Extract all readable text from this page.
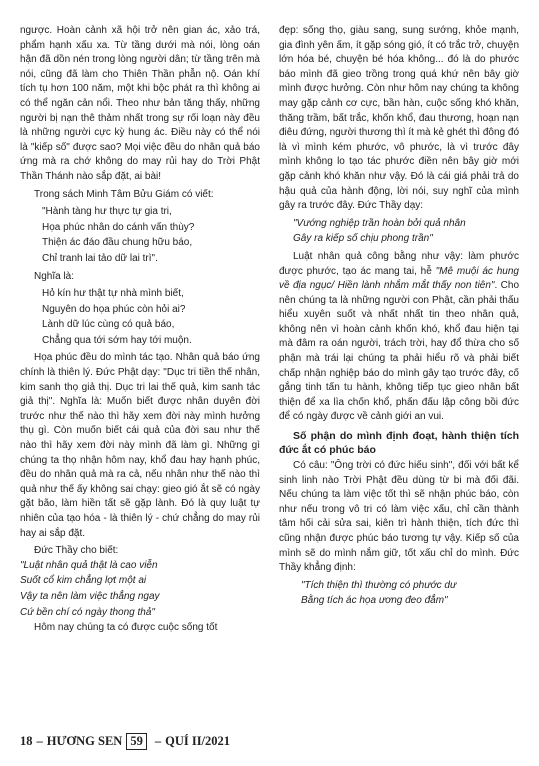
ngược. Hoàn cảnh xã hội trở nên gian ác, xảo trá, phẩm hạnh xấu xa. Từ tầng dưới mà nói, lòng oán hận đã dồn nén trong lòng người dân; từ tầng trên mà nói, cũng đã làm cho Thiên Thần phẫn nộ. Oán khí tích tụ hơn 100 năm, một khi bộc phát ra thì không ai có thể ngăn cản nổi. Theo như bản tăng thấy, những người bị nạn thê thảm nhất trong sự rối loạn này đều là những người cực kỳ hung ác. Điều này có thể nói là "kiếp số" được sao? Mọi việc đều do nhân quả báo ứng mà ra chớ không do may rủi hay do Trời Phật Thần Thánh nào sắp đặt, ai bài!

Trong sách Minh Tâm Bửu Giám có viết:

"Hành tàng hư thực tự gia tri,
Họa phúc nhân do cánh vấn thùy?
Thiện ác đáo đầu chung hữu báo,
Chỉ tranh lai tảo dữ lai trì".

Nghĩa là:

Hỏ kín hư thật tự nhà mình biết,
Nguyên do họa phúc còn hỏi ai?
Lành dữ lúc cùng có quả báo,
Chẳng qua tới sớm hay tới muộn.

Họa phúc đều do mình tác tạo. Nhân quả báo ứng chính là thiên lý. Đức Phật dạy: "Dục tri tiền thế nhân, kim sanh thọ giả thị. Dục tri lai thế quả, kim sanh tác giả thị". Nghĩa là: Muốn biết được nhân duyên đời trước như thế nào thì hãy xem đời này mình hưởng thụ gì. Còn muốn biết cái quả của đời sau như thế nào thì hãy xem đời này mình đã làm gì. Những gì chúng ta thọ nhận hôm nay, khổ đau hay hạnh phúc, đều do nhân quả mà ra cả, nếu nhân như thế nào thì quả như thế ấy không sai chạy: gieo gió ắt sẽ có ngày gặt bão, làm hiền tất sẽ gặp lành. Đó là quy luật tự nhiên của tạo hóa - là thiên lý - chứ chẳng do may rủi hay ai sắp đặt.

Đức Thầy cho biết:

"Luật nhân quả thật là cao viễn
Suốt cổ kim chẳng lợt một ai
Vậy ta nên làm việc thẳng ngay
Cứ bền chí có ngày thong thả"

Hôm nay chúng ta có được cuộc sống tốt

đẹp: sống thọ, giàu sang, sung sướng, khỏe mạnh, gia đình yên ấm, ít gặp sóng gió, ít có trắc trở, chuyện lớn hóa bé, chuyện bé hóa không... đó là do phước báo mình đã gieo trồng trong quá khứ nên bây giờ mình được hưởng. Còn như hôm nay chúng ta không may gặp cảnh cơ cực, bần hàn, cuộc sống khó khăn, thăng trầm, bất trắc, khốn khổ, đau thương, hoạn nạn điêu đứng, người thương thì ít mà kẻ ghét thì đông đó là vì mình kém phước, vô phước, là vì trước đây mình không lo tạo tác phước điền nên bây giờ mới gặp cảnh khó khăn như vậy. Đó là cái giá phải trả do hậu quả của hành động, lời nói, suy nghĩ của mình gây ra trước đây. Đức Thầy dạy:

"Vướng nghiệp trần hoàn bởi quả nhân
Gây ra kiếp số chịu phong trần"

Luật nhân quả công bằng như vậy: làm phước được phước, tạo ác mang tai, hễ "Mê muội ác hung về địa ngục/ Hiền lành nhắm mắt thấy non tiên". Cho nên chúng ta là những người con Phật, cần phải thấu hiểu xuyên suốt và nhất nhất tin theo nhân quả, không nên vì hoàn cảnh khốn khó, khổ đau hiện tại mà đâm ra oán người, trách trời, hay đổ thừa cho số phận mà trái lại chúng ta phải hiểu rõ và phải biết chấp nhận nghiệp báo do mình gây tạo trước đây, cố gắng tinh tấn tu hành, không tiếp tục gieo nhân bất thiện để xa lìa chốn khổ, phấn đấu lập công bồi đức để có ngày được về cảnh giới an vui.

Số phận do mình định đoạt, hành thiện tích đức ắt có phúc báo

Có câu: "Ông trời có đức hiếu sinh", đối với bất kể sinh linh nào Trời Phật đều dùng từ bi mà đối đãi. Nếu chúng ta làm việc tốt thì sẽ nhận phúc báo, còn như nếu trong vô tri có làm việc xấu, chỉ cần thành tâm hối cải sửa sai, kiên trì hành thiện, tích đức thì cũng nhận được phúc báo tương tự vậy. Kiếp số của mình sẽ do mình nắm giữ, tốt xấu chỉ do mình. Đức Thầy khẳng định:

"Tích thiện thì thường có phước dư
Bằng tích ác họa ương đeo đẳm"
18 – HƯƠNG SEN 59 – QUÍ II/2021
